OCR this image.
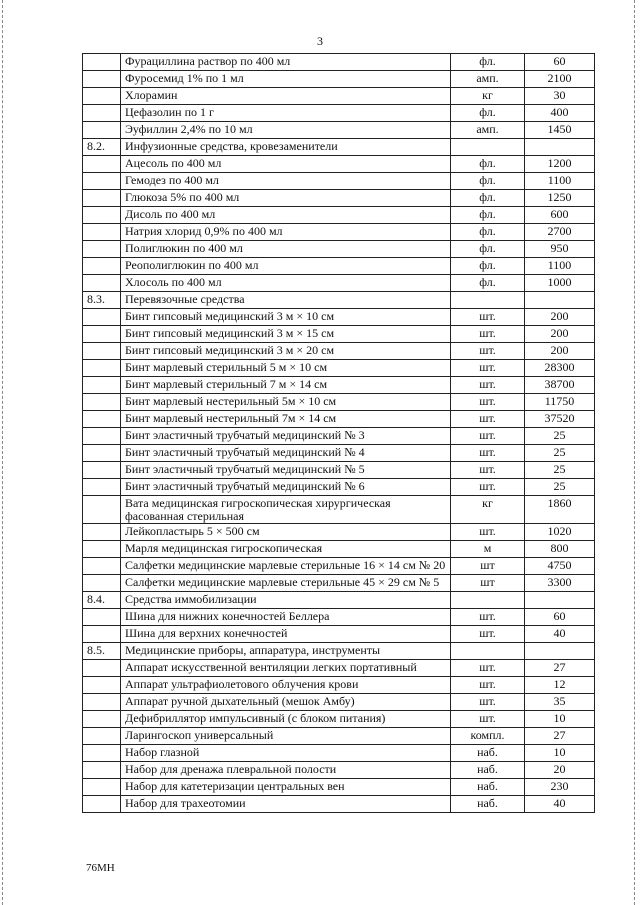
3
	Фурациллина раствор по 400 мл	фл.	60
	Фуросемид 1% по 1 мл	амп.	2100
	Хлорамин	кг	30
	Цефазолин по 1 г	фл.	400
	Эуфиллин 2,4% по 10 мл	амп.	1450
8.2.	Инфузионные средства, кровезаменители		
	Ацесоль по 400 мл	фл.	1200
	Гемодез по 400 мл	фл.	1100
	Глюкоза 5% по 400 мл	фл.	1250
	Дисоль по 400 мл	фл.	600
	Натрия хлорид 0,9% по 400 мл	фл.	2700
	Полиглюкин по 400 мл	фл.	950
	Реополиглюкин по 400 мл	фл.	1100
	Хлосоль по 400 мл	фл.	1000
8.3.	Перевязочные средства		
	Бинт гипсовый медицинский 3 м × 10 см	шт.	200
	Бинт гипсовый медицинский 3 м × 15 см	шт.	200
	Бинт гипсовый медицинский 3 м × 20 см	шт.	200
	Бинт марлевый стерильный 5 м × 10 см	шт.	28300
	Бинт марлевый стерильный 7 м × 14 см	шт.	38700
	Бинт марлевый нестерильный 5м × 10 см	шт.	11750
	Бинт марлевый нестерильный 7м × 14 см	шт.	37520
	Бинт эластичный трубчатый медицинский № 3	шт.	25
	Бинт эластичный трубчатый медицинский № 4	шт.	25
	Бинт эластичный трубчатый медицинский № 5	шт.	25
	Бинт эластичный трубчатый медицинский № 6	шт.	25
	Вата медицинская гигроскопическая хирургическая фасованная стерильная	кг	1860
	Лейкопластырь 5 × 500 см	шт.	1020
	Марля медицинская гигроскопическая	м	800
	Салфетки медицинские марлевые стерильные 16 × 14 см № 20	шт	4750
	Салфетки медицинские марлевые стерильные 45 × 29 см № 5	шт	3300
8.4.	Средства иммобилизации		
	Шина для нижних конечностей Беллера	шт.	60
	Шина для верхних конечностей	шт.	40
8.5.	Медицинские приборы, аппаратура, инструменты		
	Аппарат искусственной вентиляции легких портативный	шт.	27
	Аппарат ультрафиолетового облучения крови	шт.	12
	Аппарат ручной дыхательный (мешок Амбу)	шт.	35
	Дефибриллятор импульсивный (с блоком питания)	шт.	10
	Ларингоскоп универсальный	компл.	27
	Набор глазной	наб.	10
	Набор для дренажа плевральной полости	наб.	20
	Набор для катетеризации центральных вен	наб.	230
	Набор для трахеотомии	наб.	40
76МН
